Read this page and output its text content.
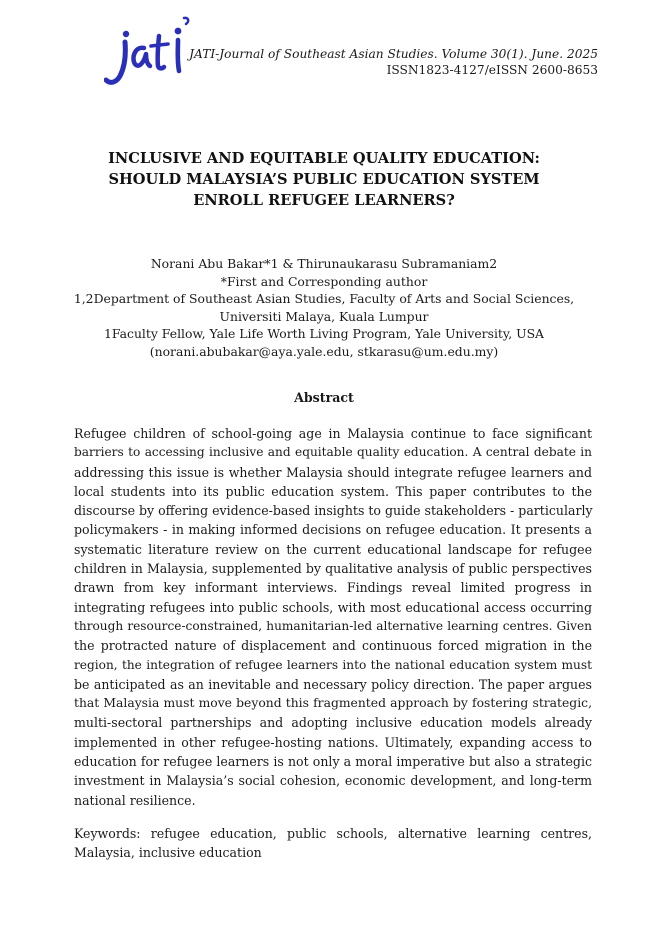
jati
JATI-Journal of Southeast Asian Studies. Volume 30(1). June. 2025
ISSN1823-4127/eISSN 2600-8653
INCLUSIVE AND EQUITABLE QUALITY EDUCATION:
SHOULD MALAYSIA’S PUBLIC EDUCATION SYSTEM
ENROLL REFUGEE LEARNERS?
Norani Abu Bakar*1 & Thirunaukarasu Subramaniam2
*First and Corresponding author
1,2Department of Southeast Asian Studies, Faculty of Arts and Social Sciences,
Universiti Malaya, Kuala Lumpur
1Faculty Fellow, Yale Life Worth Living Program, Yale University, USA
(norani.abubakar@aya.yale.edu, stkarasu@um.edu.my)
Abstract
Refugee children of school-going age in Malaysia continue to face significant
barriers to accessing inclusive and equitable quality education. A central debate in
addressing this issue is whether Malaysia should integrate refugee learners and
local students into its public education system. This paper contributes to the
discourse by offering evidence-based insights to guide stakeholders - particularly
policymakers - in making informed decisions on refugee education. It presents a
systematic literature review on the current educational landscape for refugee
children in Malaysia, supplemented by qualitative analysis of public perspectives
drawn from key informant interviews. Findings reveal limited progress in
integrating refugees into public schools, with most educational access occurring
through resource-constrained, humanitarian-led alternative learning centres. Given
the protracted nature of displacement and continuous forced migration in the
region, the integration of refugee learners into the national education system must
be anticipated as an inevitable and necessary policy direction. The paper argues
that Malaysia must move beyond this fragmented approach by fostering strategic,
multi-sectoral partnerships and adopting inclusive education models already
implemented in other refugee-hosting nations. Ultimately, expanding access to
education for refugee learners is not only a moral imperative but also a strategic
investment in Malaysia’s social cohesion, economic development, and long-term
national resilience.
Keywords: refugee education, public schools, alternative learning centres,
Malaysia, inclusive education
